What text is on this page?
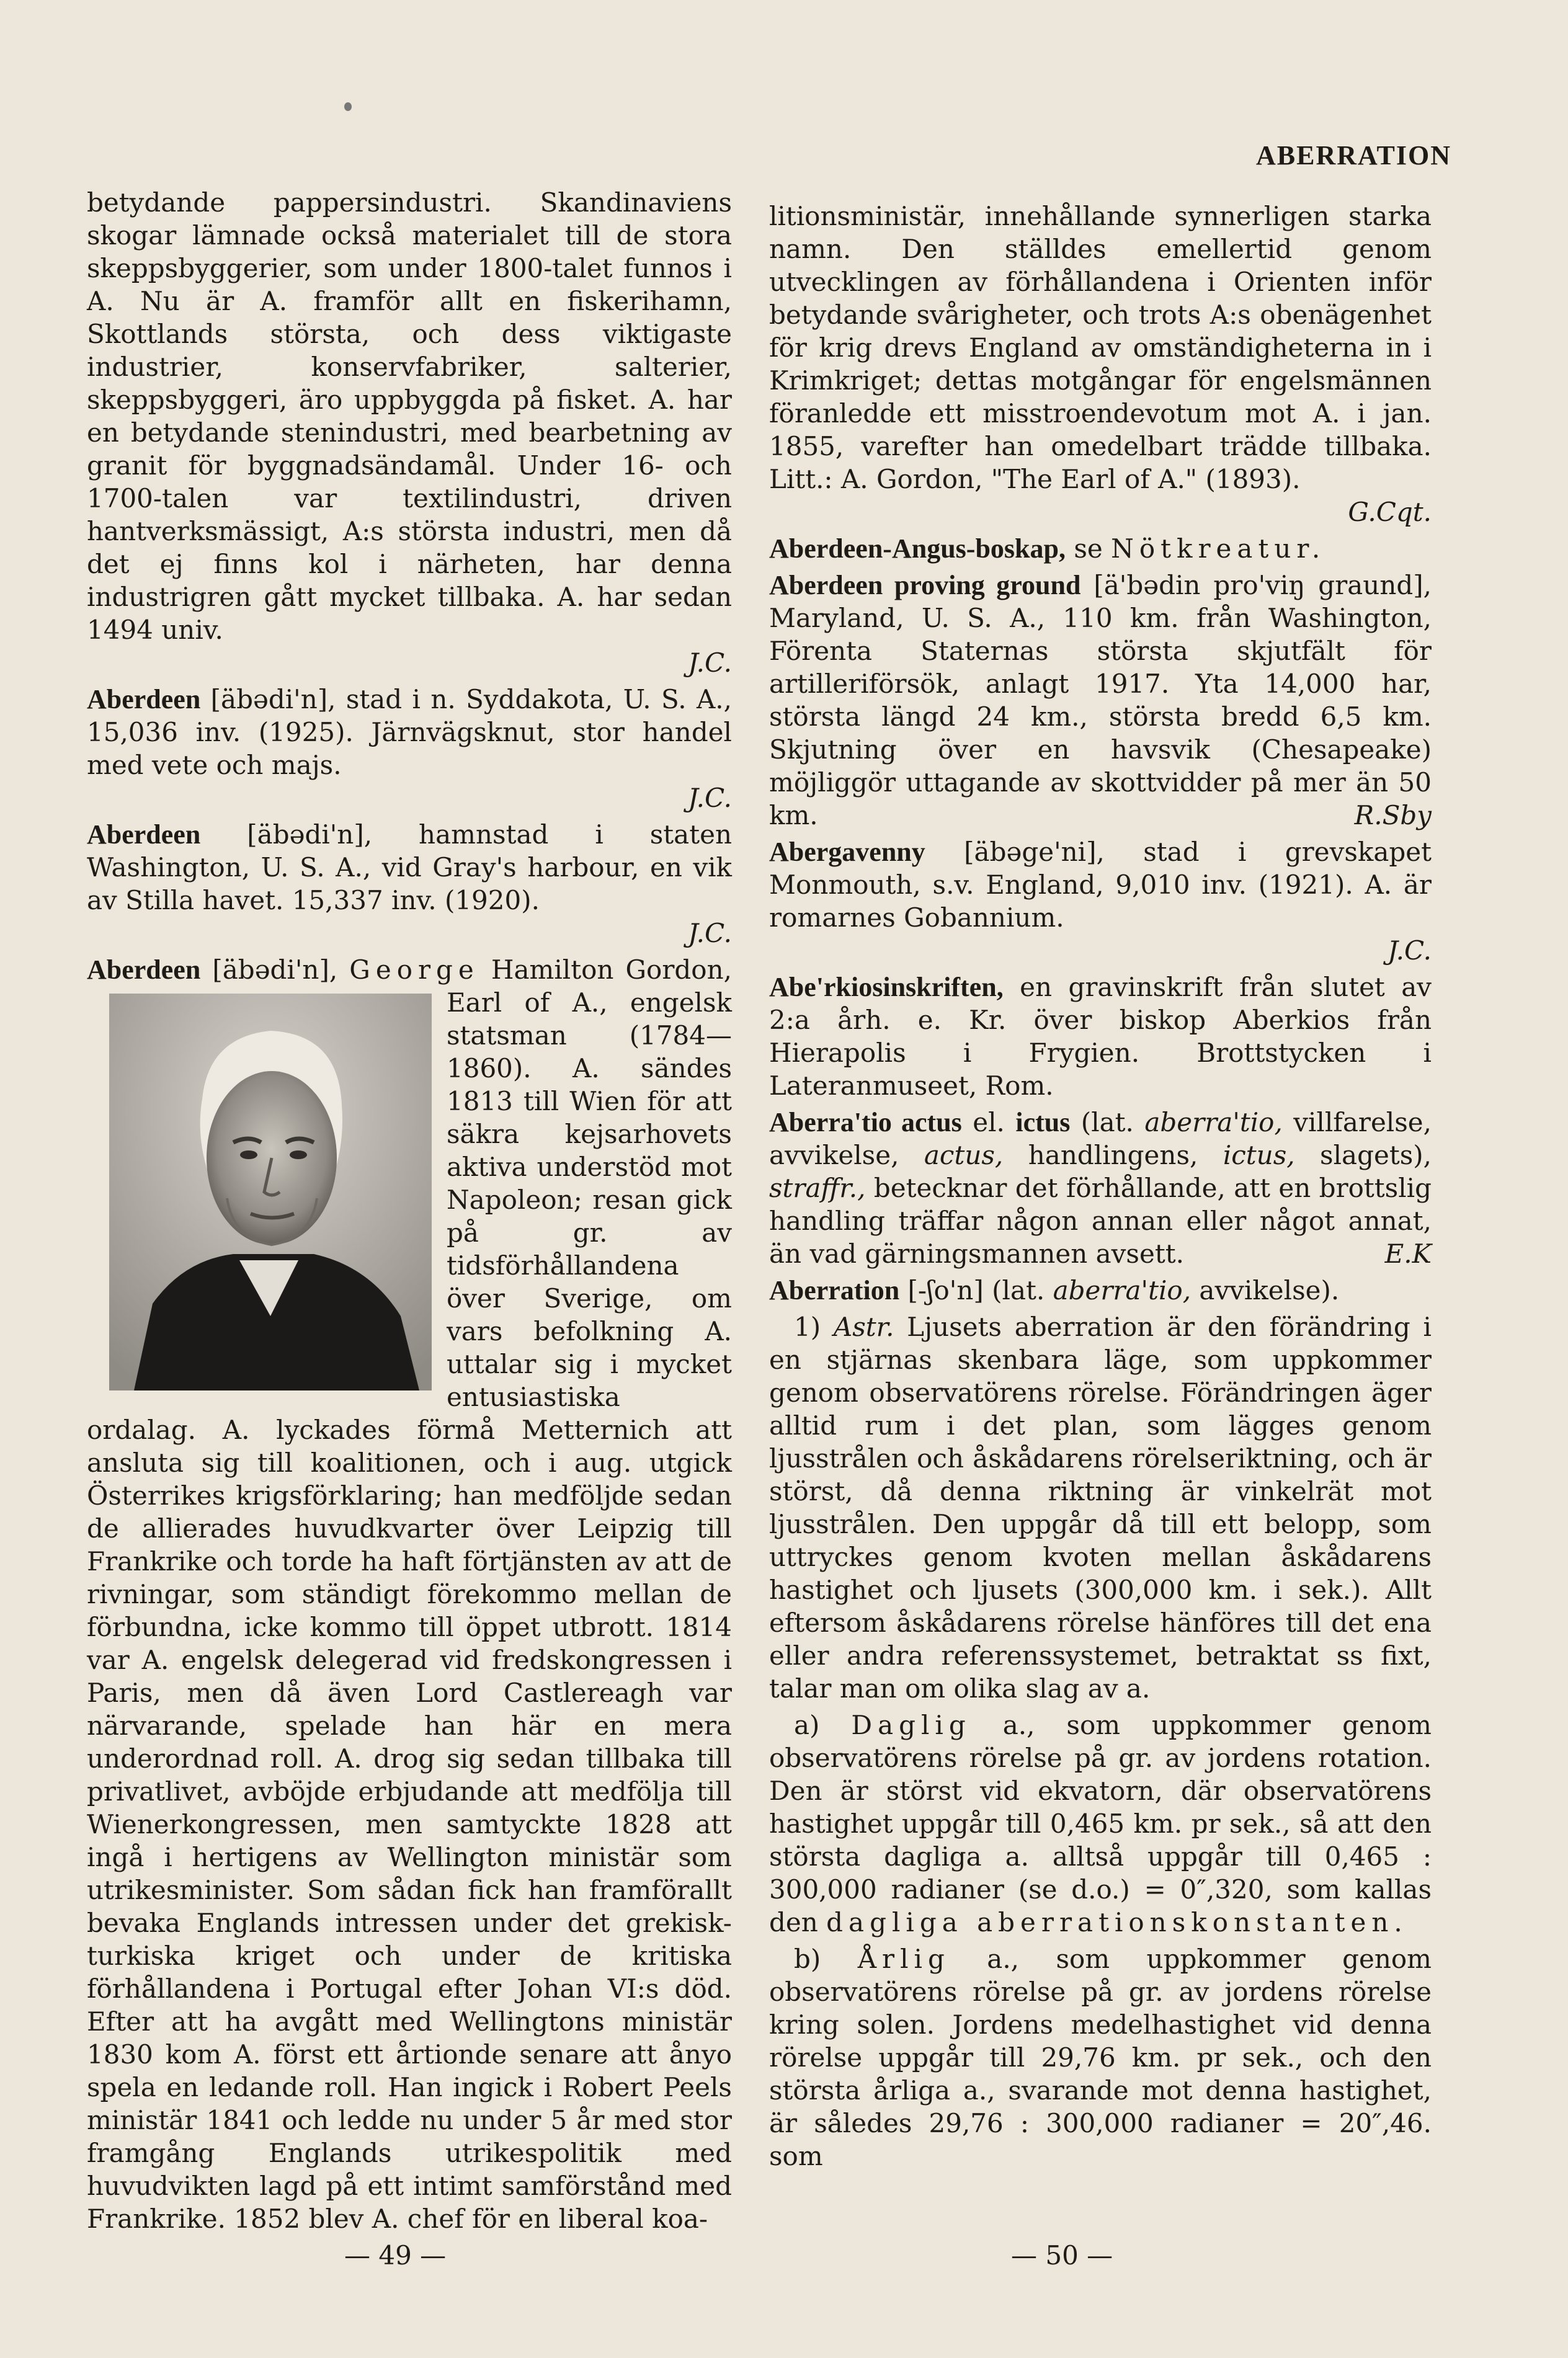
ABERRATION

betydande pappersindustri. Skandinaviens skogar lämnade också materialet till de stora skeppsbyggerier, som under 1800-talet funnos i A. Nu är A. framför allt en fiskerihamn, Skottlands största, och dess viktigaste industrier, konservfabriker, salterier, skeppsbyggeri, äro uppbyggda på fisket. A. har en betydande stenindustri, med bearbetning av granit för byggnadsändamål. Under 16- och 1700-talen var textilindustri, driven hantverksmässigt, A:s största industri, men då det ej finns kol i närheten, har denna industrigren gått mycket tillbaka. A. har sedan 1494 univ.
J.C.

Aberdeen [äbədi'n], stad i n. Syddakota, U. S. A., 15,036 inv. (1925). Järnvägsknut, stor handel med vete och majs.
J.C.

Aberdeen [äbədi'n], hamnstad i staten Washington, U. S. A., vid Gray's harbour, en vik av Stilla havet. 15,337 inv. (1920).
J.C.

Aberdeen [äbədi'n], George
Hamilton Gordon, Earl of A., engelsk statsman (1784—1860). A. sändes 1813 till Wien för att säkra kejsarhovets aktiva understöd mot Napoleon; resan gick på gr. av tidsförhållandena över Sverige, om vars befolkning A. uttalar sig i mycket entusiastiska ordalag. A. lyckades förmå Metternich att ansluta sig till koalitionen, och i aug. utgick Österrikes krigsförklaring; han medföljde sedan de allierades huvudkvarter över Leipzig till Frankrike och torde ha haft förtjänsten av att de rivningar, som ständigt förekommo mellan de förbundna, icke kommo till öppet utbrott. 1814 var A. engelsk delegerad vid fredskongressen i Paris, men då även Lord Castlereagh var närvarande, spelade han här en mera underordnad roll. A. drog sig sedan tillbaka till privatlivet, avböjde erbjudande att medfölja till Wienerkongressen, men samtyckte 1828 att ingå i hertigens av Wellington ministär som utrikesminister. Som sådan fick han framförallt bevaka Englands intressen under det grekisk-turkiska kriget och under de kritiska förhållandena i Portugal efter Johan VI:s död. Efter att ha avgått med Wellingtons ministär 1830 kom A. först ett årtionde senare att ånyo spela en ledande roll. Han ingick i Robert Peels ministär 1841 och ledde nu under 5 år med stor framgång Englands utrikespolitik med huvudvikten lagd på ett intimt samförstånd med Frankrike. 1852 blev A. chef för en liberal koa-

litionsministär, innehållande synnerligen starka namn. Den ställdes emellertid genom utvecklingen av förhållandena i Orienten inför betydande svårigheter, och trots A:s obenägenhet för krig drevs England av omständigheterna in i Krimkriget; dettas motgångar för engelsmännen föranledde ett misstroendevotum mot A. i jan. 1855, varefter han omedelbart trädde tillbaka. Litt.: A. Gordon, "The Earl of A." (1893).
G.Cqt.

Aberdeen-Angus-boskap, se Nötkreatur.

Aberdeen proving ground [ä'bədin pro'viŋ graund], Maryland, U. S. A., 110 km. från Washington, Förenta Staternas största skjutfält för artilleriförsök, anlagt 1917. Yta 14,000 har, största längd 24 km., största bredd 6,5 km. Skjutning över en havsvik (Chesapeake) möjliggör uttagande av skottvidder på mer än 50 km.	R.Sby

Abergavenny [äbəge'ni], stad i grevskapet Monmouth, s.v. England, 9,010 inv. (1921). A. är romarnes Gobannium.
J.C.

Abe'rkiosinskriften, en gravinskrift från slutet av 2:a årh. e. Kr. över biskop Aberkios från Hierapolis i Frygien. Brottstycken i Lateranmuseet, Rom.

Aberra'tio actus el. ictus (lat. aberra'tio, villfarelse, avvikelse, actus, handlingens, ictus, slagets), straffr., betecknar det förhållande, att en brottslig handling träffar någon annan eller något annat, än vad gärningsmannen avsett.	E.K

Aberration [-ʃo'n] (lat. aberra'tio, avvikelse).

1) Astr. Ljusets aberration är den förändring i en stjärnas skenbara läge, som uppkommer genom observatörens rörelse. Förändringen äger alltid rum i det plan, som lägges genom ljusstrålen och åskådarens rörelseriktning, och är störst, då denna riktning är vinkelrät mot ljusstrålen. Den uppgår då till ett belopp, som uttryckes genom kvoten mellan åskådarens hastighet och ljusets (300,000 km. i sek.). Allt eftersom åskådarens rörelse hänföres till det ena eller andra referenssystemet, betraktat ss fixt, talar man om olika slag av a.

a) Daglig a., som uppkommer genom observatörens rörelse på gr. av jordens rotation. Den är störst vid ekvatorn, där observatörens hastighet uppgår till 0,465 km. pr sek., så att den största dagliga a. alltså uppgår till 0,465 : 300,000 radianer (se d.o.) = 0″,320, som kallas den dagliga aberrationskonstanten.

b) Årlig a., som uppkommer genom observatörens rörelse på gr. av jordens rörelse kring solen. Jordens medelhastighet vid denna rörelse uppgår till 29,76 km. pr sek., och den största årliga a., svarande mot denna hastighet, är således 29,76 : 300,000 radianer = 20″,46. som

— 49 —	— 50 —
